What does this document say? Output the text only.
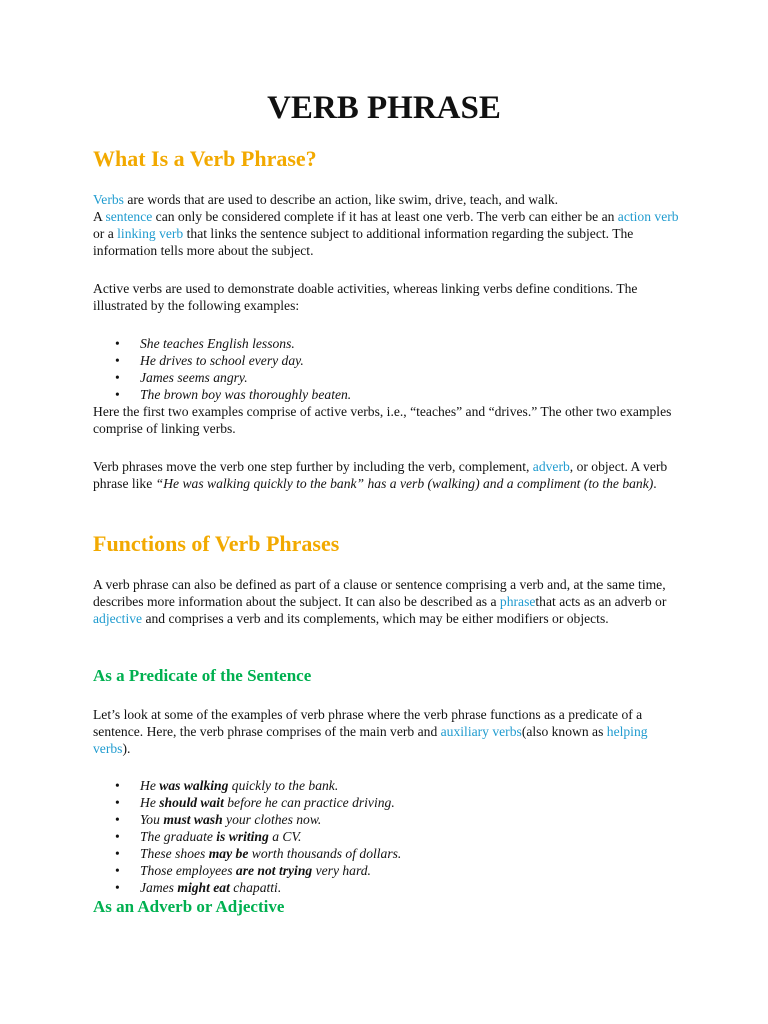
VERB PHRASE
What Is a Verb Phrase?

Verbs are words that are used to describe an action, like swim, drive, teach, and walk.

A sentence can only be considered complete if it has at least one verb. The verb can either be an action verb or a linking verb that links the sentence subject to additional information regarding the subject. The information tells more about the subject.

Active verbs are used to demonstrate doable activities, whereas linking verbs define conditions. The illustrated by the following examples:

• She teaches English lessons.
• He drives to school every day.
• James seems angry.
• The brown boy was thoroughly beaten.

Here the first two examples comprise of active verbs, i.e., “teaches” and “drives.” The other two examples comprise of linking verbs.

Verb phrases move the verb one step further by including the verb, complement, adverb, or object. A verb phrase like “He was walking quickly to the bank” has a verb (walking) and a compliment (to the bank).

Functions of Verb Phrases

A verb phrase can also be defined as part of a clause or sentence comprising a verb and, at the same time, describes more information about the subject. It can also be described as a phrasethat acts as an adverb or adjective and comprises a verb and its complements, which may be either modifiers or objects.

As a Predicate of the Sentence

Let’s look at some of the examples of verb phrase where the verb phrase functions as a predicate of a sentence. Here, the verb phrase comprises of the main verb and auxiliary verbs(also known as helping verbs).

• He was walking quickly to the bank.
• He should wait before he can practice driving.
• You must wash your clothes now.
• The graduate is writing a CV.
• These shoes may be worth thousands of dollars.
• Those employees are not trying very hard.
• James might eat chapatti.
As an Adverb or Adjective
